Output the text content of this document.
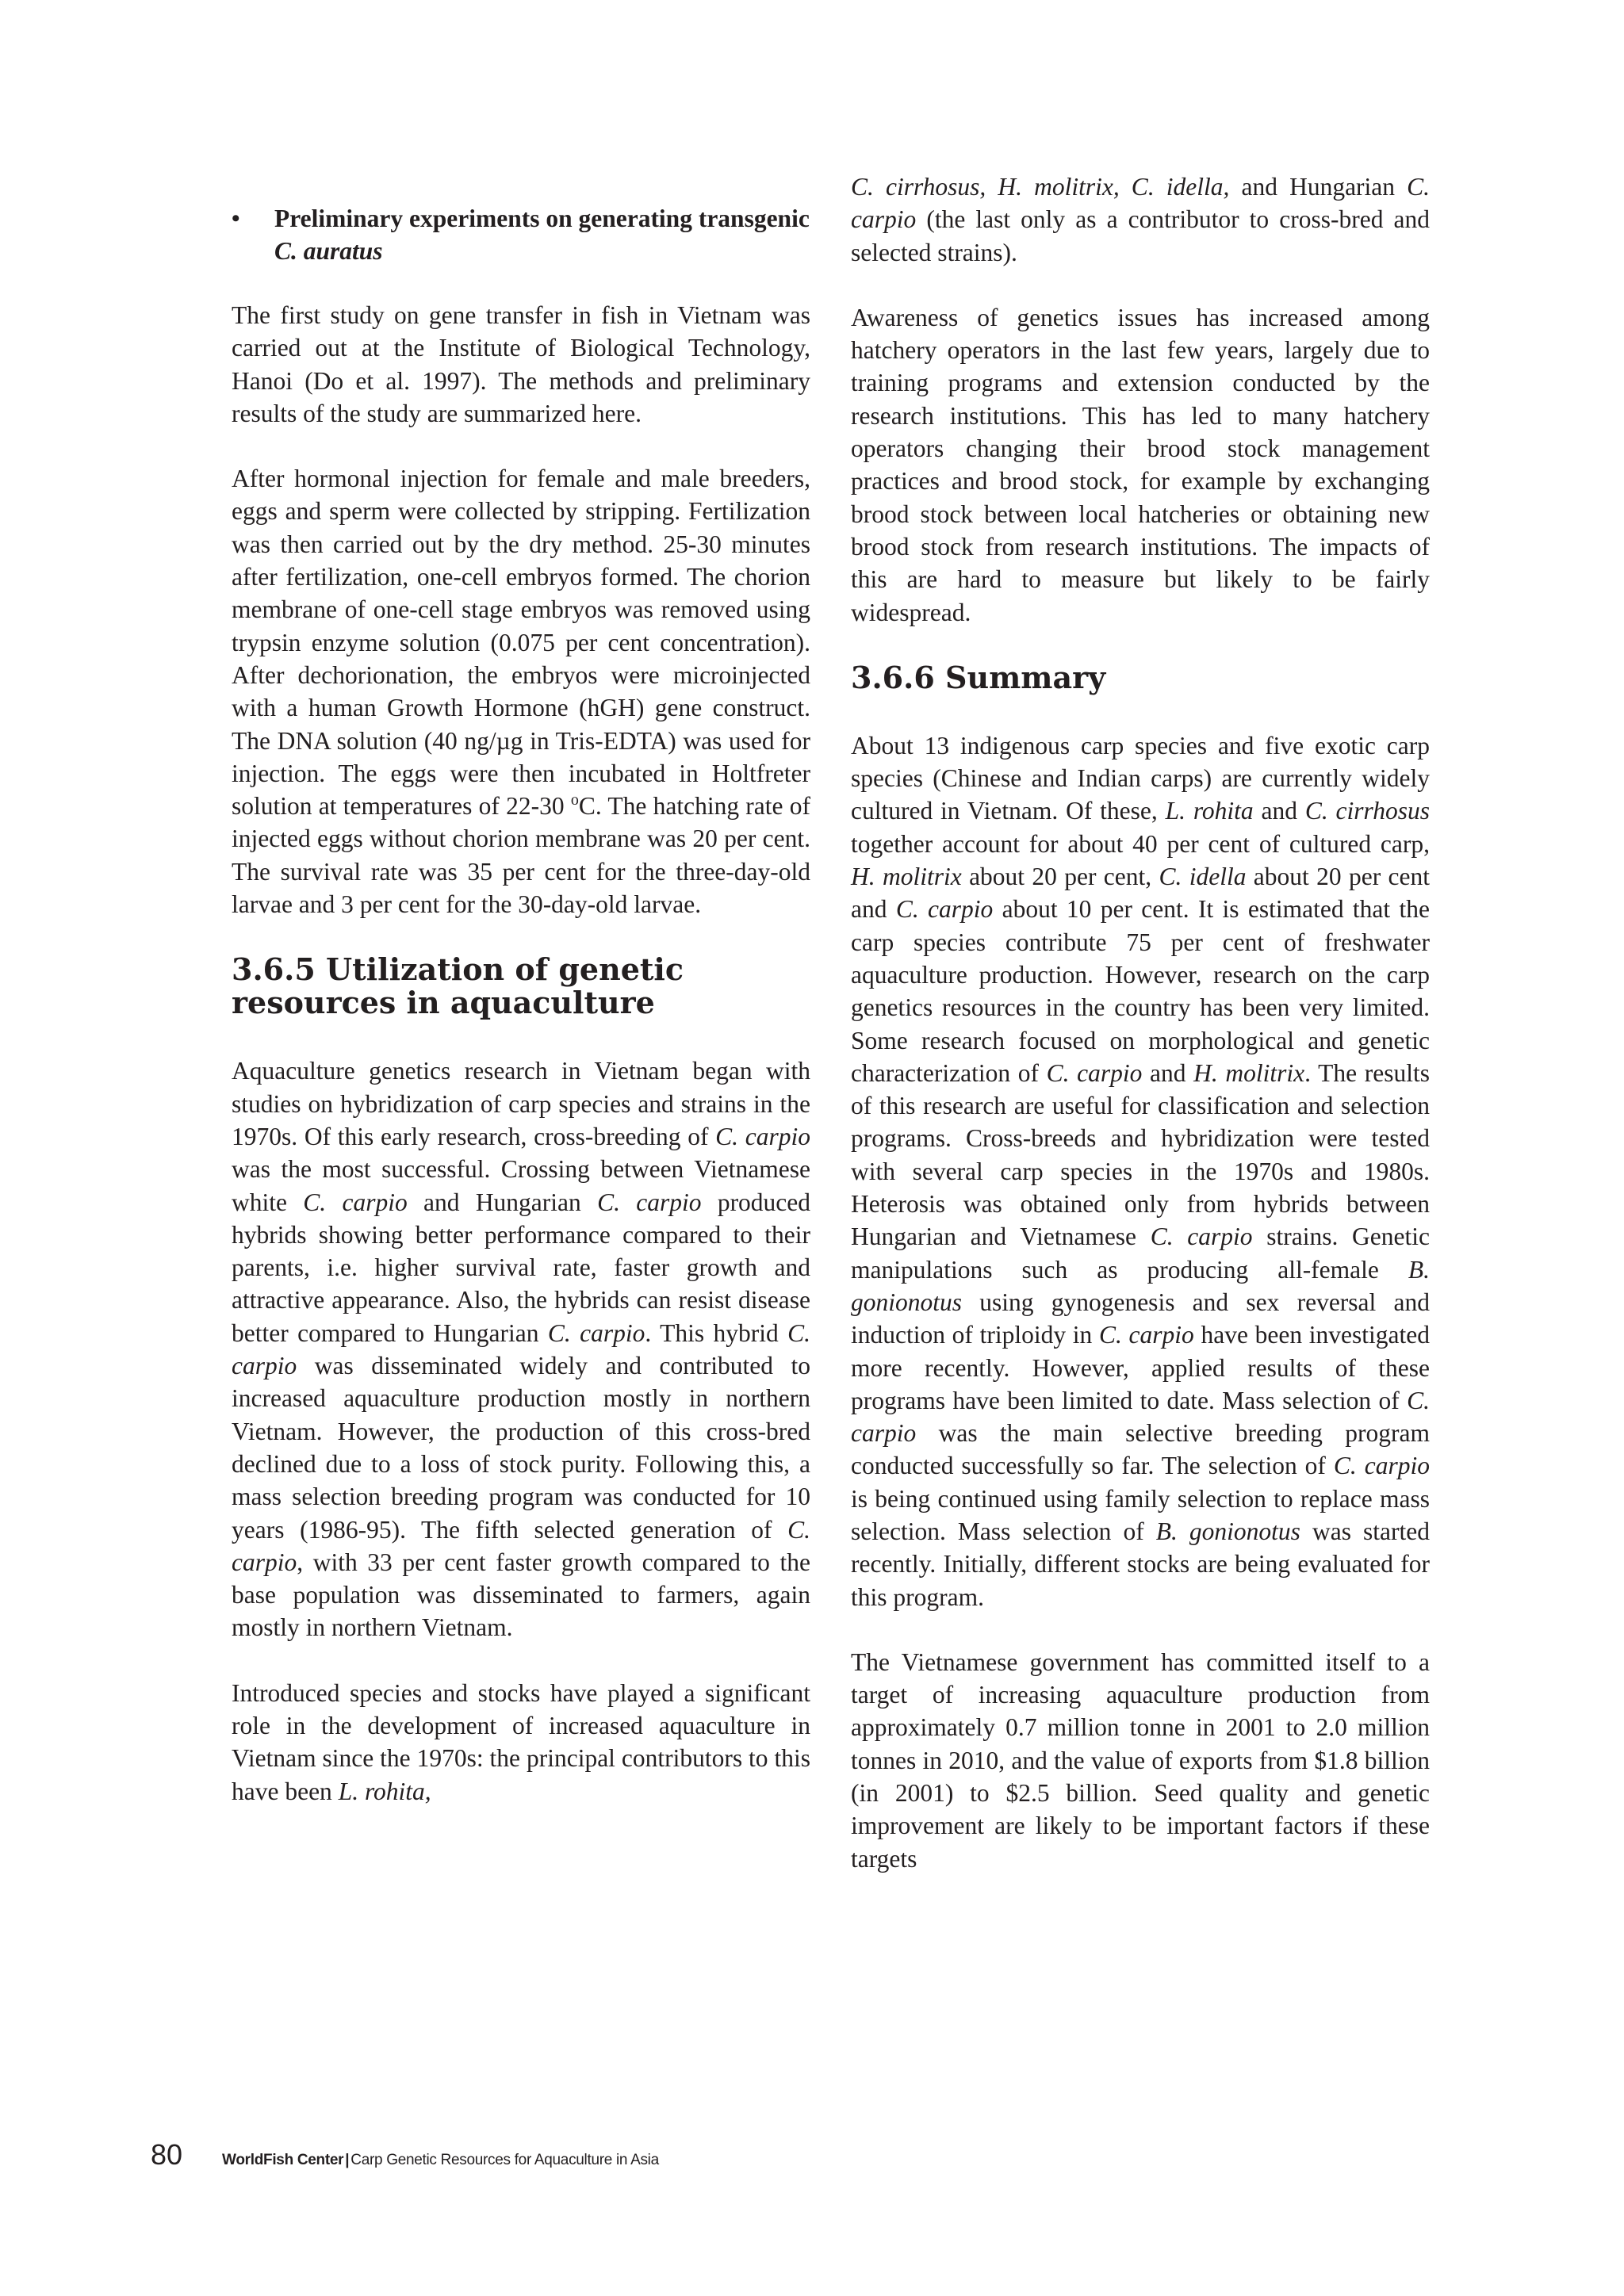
•	Preliminary experiments on generating transgenic C. auratus

The first study on gene transfer in fish in Vietnam was carried out at the Institute of Biological Technology, Hanoi (Do et al. 1997). The methods and preliminary results of the study are summarized here.

After hormonal injection for female and male breeders, eggs and sperm were collected by stripping. Fertilization was then carried out by the dry method. 25-30 minutes after fertilization, one-cell embryos formed. The chorion membrane of one-cell stage embryos was removed using trypsin enzyme solution (0.075 per cent concentration). After dechorionation, the embryos were microinjected with a human Growth Hormone (hGH) gene construct. The DNA solution (40 ng/µg in Tris-EDTA) was used for injection. The eggs were then incubated in Holtfreter solution at temperatures of 22-30 $^o$C. The hatching rate of injected eggs without chorion membrane was 20 per cent. The survival rate was 35 per cent for the three-day-old larvae and 3 per cent for the 30-day-old larvae.

3.6.5 Utilization of genetic resources in aquaculture

Aquaculture genetics research in Vietnam began with studies on hybridization of carp species and strains in the 1970s. Of this early research, cross-breeding of C. carpio was the most successful. Crossing between Vietnamese white C. carpio and Hungarian C. carpio produced hybrids showing better performance compared to their parents, i.e. higher survival rate, faster growth and attractive appearance. Also, the hybrids can resist disease better compared to Hungarian C. carpio. This hybrid C. carpio was disseminated widely and contributed to increased aquaculture production mostly in northern Vietnam. However, the production of this cross-bred declined due to a loss of stock purity. Following this, a mass selection breeding program was conducted for 10 years (1986-95). The fifth selected generation of C. carpio, with 33 per cent faster growth compared to the base population was disseminated to farmers, again mostly in northern Vietnam.

Introduced species and stocks have played a significant role in the development of increased aquaculture in Vietnam since the 1970s: the principal contributors to this have been L. rohita,

C. cirrhosus, H. molitrix, C. idella, and Hungarian C. carpio (the last only as a contributor to cross-bred and selected strains).

Awareness of genetics issues has increased among hatchery operators in the last few years, largely due to training programs and extension conducted by the research institutions. This has led to many hatchery operators changing their brood stock management practices and brood stock, for example by exchanging brood stock between local hatcheries or obtaining new brood stock from research institutions. The impacts of this are hard to measure but likely to be fairly widespread.

3.6.6 Summary

About 13 indigenous carp species and five exotic carp species (Chinese and Indian carps) are currently widely cultured in Vietnam. Of these, L. rohita and C. cirrhosus together account for about 40 per cent of cultured carp, H. molitrix about 20 per cent, C. idella about 20 per cent and C. carpio about 10 per cent. It is estimated that the carp species contribute 75 per cent of freshwater aquaculture production. However, research on the carp genetics resources in the country has been very limited. Some research focused on morphological and genetic characterization of C. carpio and H. molitrix. The results of this research are useful for classification and selection programs. Cross-breeds and hybridization were tested with several carp species in the 1970s and 1980s. Heterosis was obtained only from hybrids between Hungarian and Vietnamese C. carpio strains. Genetic manipulations such as producing all-female B. gonionotus using gynogenesis and sex reversal and induction of triploidy in C. carpio have been investigated more recently. However, applied results of these programs have been limited to date. Mass selection of C. carpio was the main selective breeding program conducted successfully so far. The selection of C. carpio is being continued using family selection to replace mass selection. Mass selection of B. gonionotus was started recently. Initially, different stocks are being evaluated for this program.

The Vietnamese government has committed itself to a target of increasing aquaculture production from approximately 0.7 million tonne in 2001 to 2.0 million tonnes in 2010, and the value of exports from $1.8 billion (in 2001) to $2.5 billion. Seed quality and genetic improvement are likely to be important factors if these targets

80	WorldFish Center | Carp Genetic Resources for Aquaculture in Asia
